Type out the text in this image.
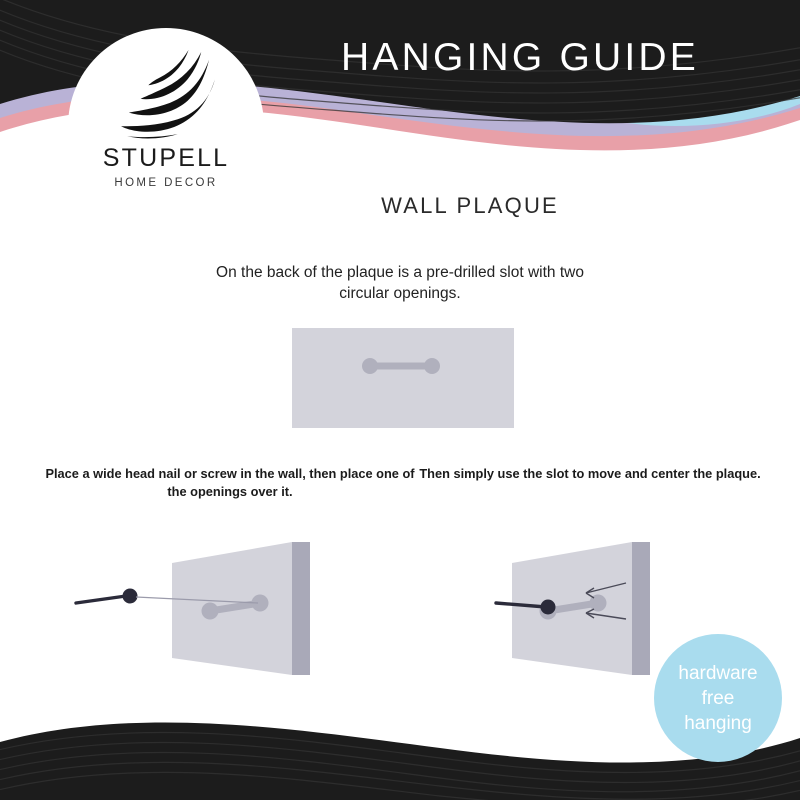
HANGING GUIDE
STUPELL
HOME DECOR
WALL PLAQUE
On the back of the plaque is a pre-drilled slot with two circular openings.
Place a wide head nail or screw in the wall, then place one of the openings over it.
Then simply use the slot to move and center the plaque.
hardware
free
hanging
